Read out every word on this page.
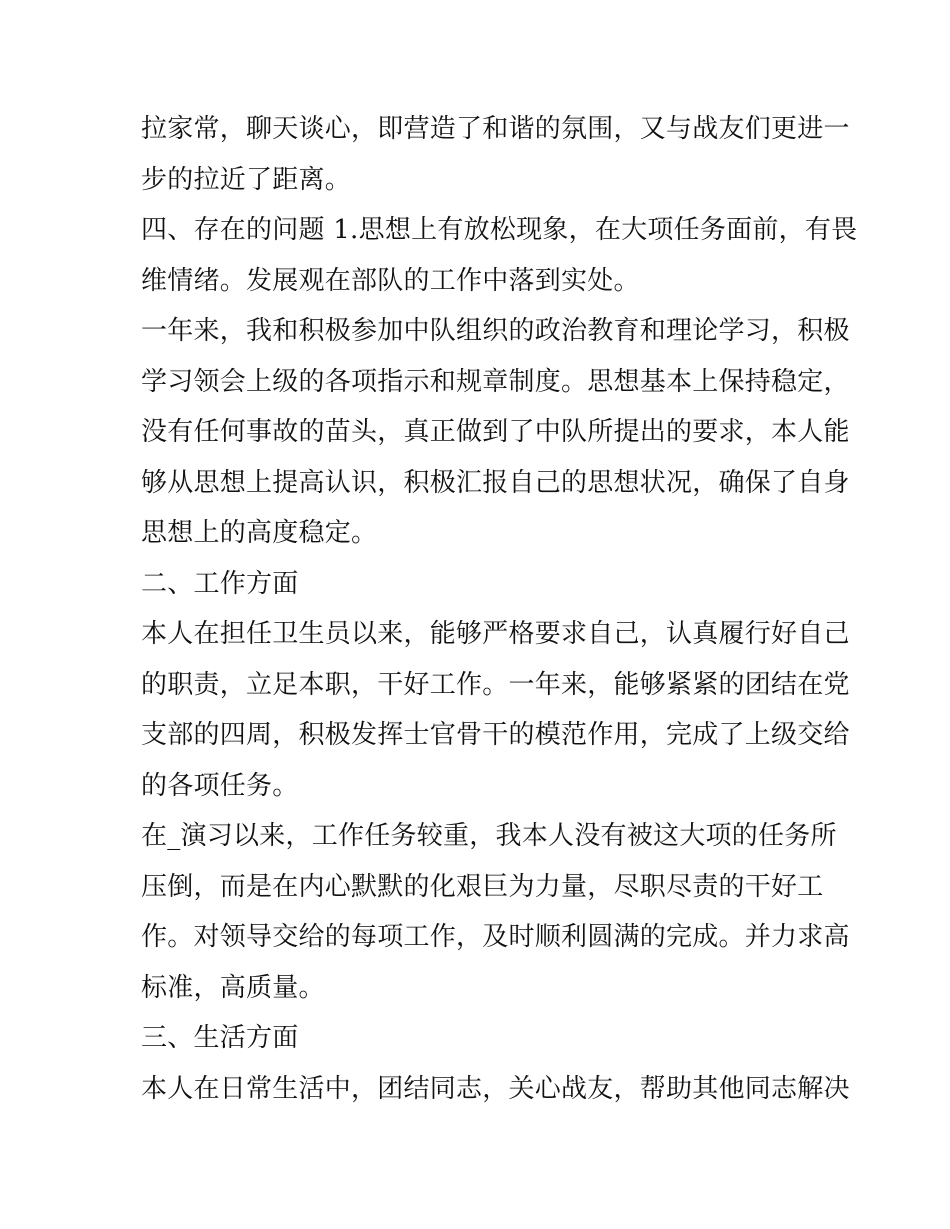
拉家常，聊天谈心，即营造了和谐的氛围，又与战友们更进一
步的拉近了距离。
四、存在的问题 1.思想上有放松现象，在大项任务面前，有畏
维情绪。发展观在部队的工作中落到实处。
一年来，我和积极参加中队组织的政治教育和理论学习，积极
学习领会上级的各项指示和规章制度。思想基本上保持稳定，
没有任何事故的苗头，真正做到了中队所提出的要求，本人能
够从思想上提高认识，积极汇报自己的思想状况，确保了自身
思想上的高度稳定。
二、工作方面
本人在担任卫生员以来，能够严格要求自己，认真履行好自己
的职责，立足本职，干好工作。一年来，能够紧紧的团结在党
支部的四周，积极发挥士官骨干的模范作用，完成了上级交给
的各项任务。
在_演习以来，工作任务较重，我本人没有被这大项的任务所
压倒，而是在内心默默的化艰巨为力量，尽职尽责的干好工
作。对领导交给的每项工作，及时顺利圆满的完成。并力求高
标准，高质量。
三、生活方面
本人在日常生活中，团结同志，关心战友，帮助其他同志解决
